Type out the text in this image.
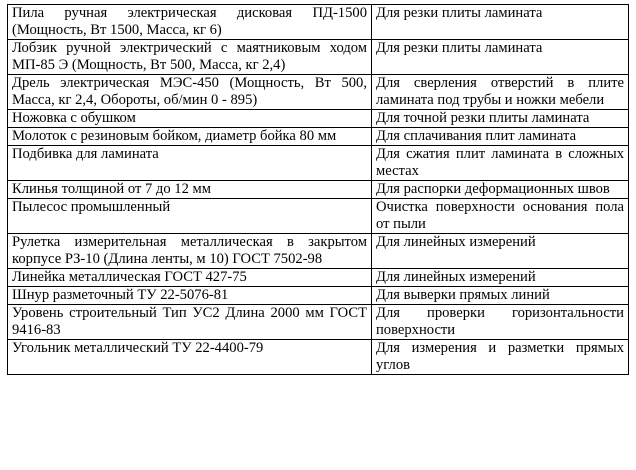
Пила ручная электрическая дисковая ПД-1500 (Мощность, Вт 1500, Масса, кг 6)	Для резки плиты ламината
Лобзик ручной электрический с маятниковым ходом МП-85 Э (Мощность, Вт 500, Масса, кг 2,4)	Для резки плиты ламината
Дрель электрическая МЭС-450 (Мощность, Вт 500, Масса, кг 2,4, Обороты, об/мин 0 - 895)	Для сверления отверстий в плите ламината под трубы и ножки мебели
Ножовка с обушком	Для точной резки плиты ламината
Молоток с резиновым бойком, диаметр бойка 80 мм	Для сплачивания плит ламината
Подбивка для ламината	Для сжатия плит ламината в сложных местах
Клинья толщиной от 7 до 12 мм	Для распорки деформационных швов
Пылесос промышленный	Очистка поверхности основания пола от пыли
Рулетка измерительная металлическая в закрытом корпусе РЗ-10 (Длина ленты, м 10) ГОСТ 7502-98	Для линейных измерений
Линейка металлическая ГОСТ 427-75	Для линейных измерений
Шнур разметочный ТУ 22-5076-81	Для выверки прямых линий
Уровень строительный Тип УС2 Длина 2000 мм ГОСТ 9416-83	Для проверки горизонтальности поверхности
Угольник металлический ТУ 22-4400-79	Для измерения и разметки прямых углов
